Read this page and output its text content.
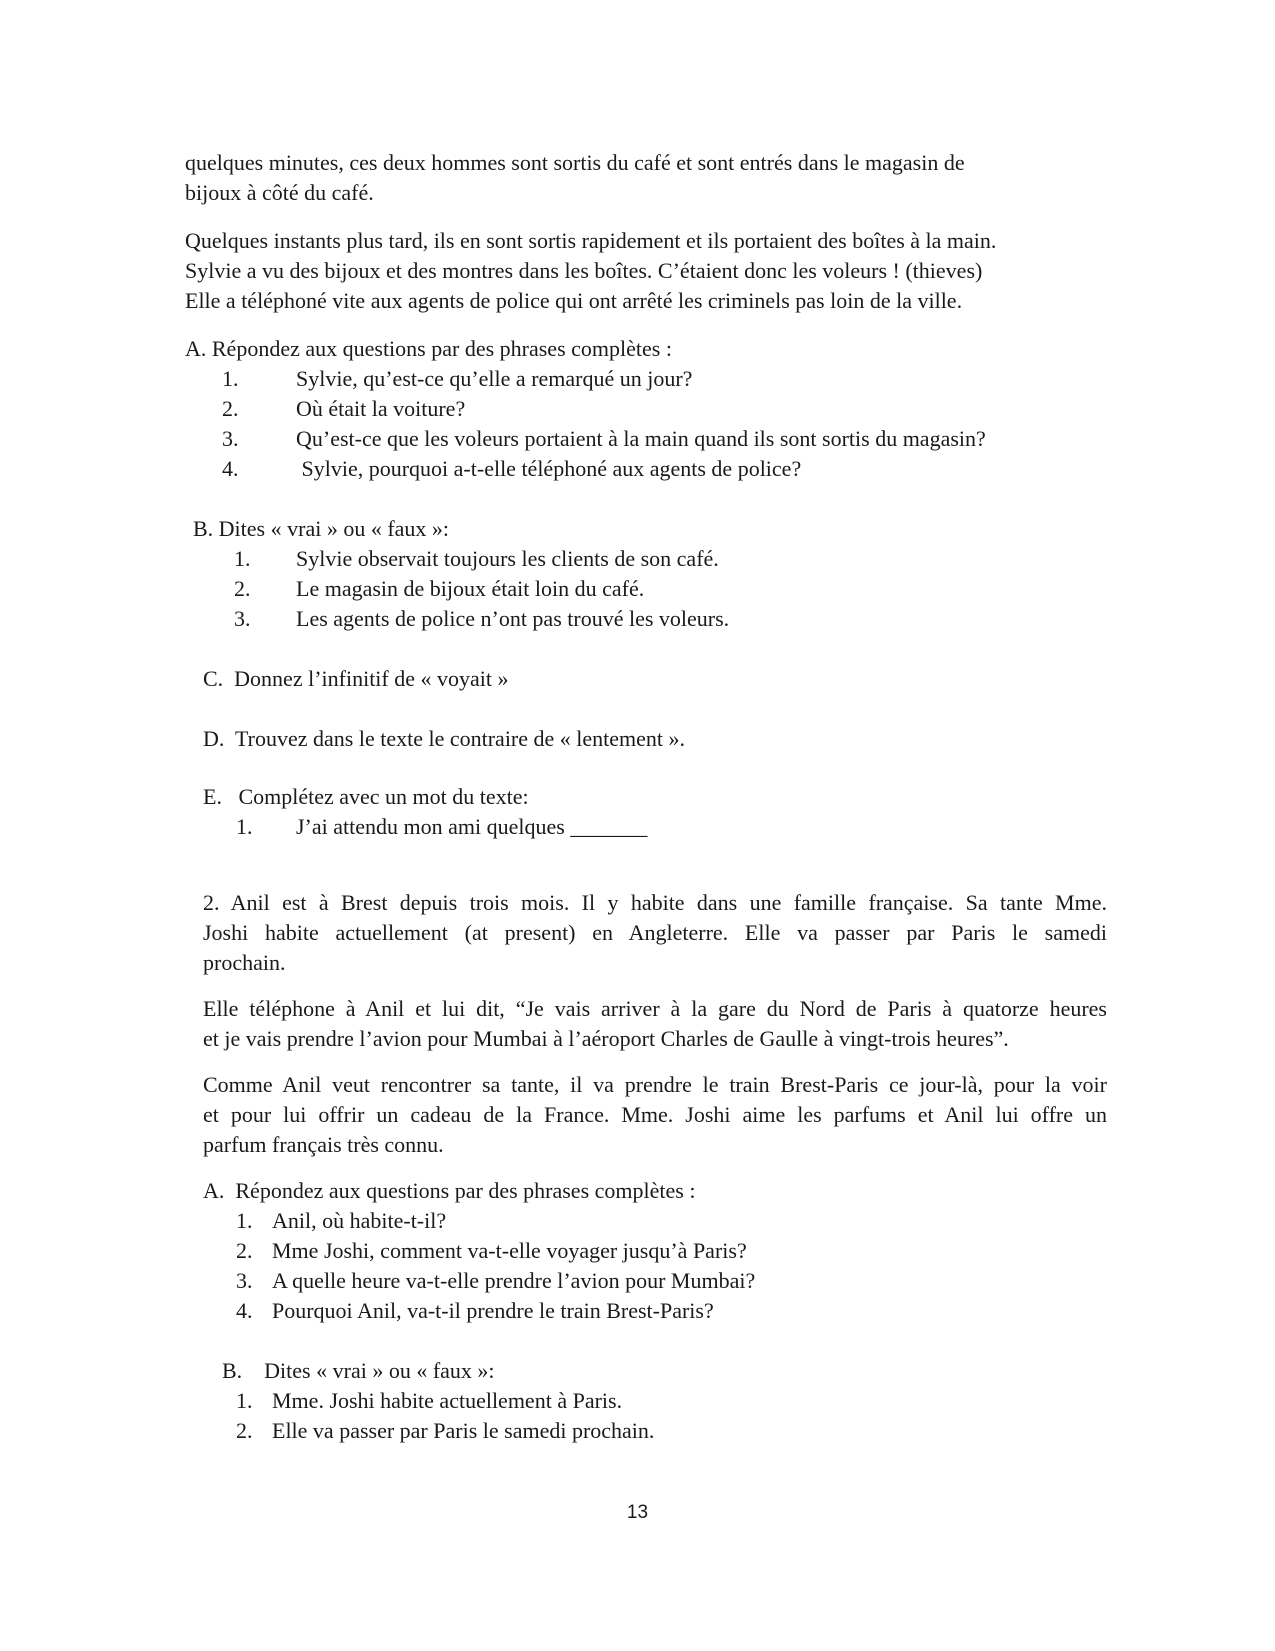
quelques minutes, ces deux hommes sont sortis du café et sont entrés dans le magasin de
bijoux à côté du café.
Quelques instants plus tard, ils en sont sortis rapidement et ils portaient des boîtes à la main.
Sylvie a vu des bijoux et des montres dans les boîtes. C’étaient donc les voleurs ! (thieves)
Elle a téléphoné vite aux agents de police qui ont arrêté les criminels pas loin de la ville.
A. Répondez aux questions par des phrases complètes :
1.	Sylvie, qu’est-ce qu’elle a remarqué un jour?
2.	Où était la voiture?
3.	Qu’est-ce que les voleurs portaient à la main quand ils sont sortis du magasin?
4.	Sylvie, pourquoi a-t-elle téléphoné aux agents de police?
B. Dites « vrai » ou « faux »:
1. Sylvie observait toujours les clients de son café.
2. Le magasin de bijoux était loin du café.
3. Les agents de police n’ont pas trouvé les voleurs.
C.  Donnez l’infinitif de « voyait »
D.  Trouvez dans le texte le contraire de « lentement ».
E.   Complétez avec un mot du texte:
1. J’ai attendu mon ami quelques _______
2. Anil est à Brest depuis trois mois. Il y habite dans une famille française. Sa tante Mme.
Joshi habite actuellement (at present) en Angleterre. Elle va passer par Paris le samedi
prochain.
Elle téléphone à Anil et lui dit, “Je vais arriver à la gare du Nord de Paris à quatorze heures
et je vais prendre l’avion pour Mumbai à l’aéroport Charles de Gaulle à vingt-trois heures”.
Comme Anil veut rencontrer sa tante, il va prendre le train Brest-Paris ce jour-là, pour la voir
et pour lui offrir un cadeau de la France. Mme. Joshi aime les parfums et Anil lui offre un
parfum français très connu.
A.  Répondez aux questions par des phrases complètes :
1. Anil, où habite-t-il?
2. Mme Joshi, comment va-t-elle voyager jusqu’à Paris?
3. A quelle heure va-t-elle prendre l’avion pour Mumbai?
4. Pourquoi Anil, va-t-il prendre le train Brest-Paris?
B.    Dites « vrai » ou « faux »:
1. Mme. Joshi habite actuellement à Paris.
2. Elle va passer par Paris le samedi prochain.
13
